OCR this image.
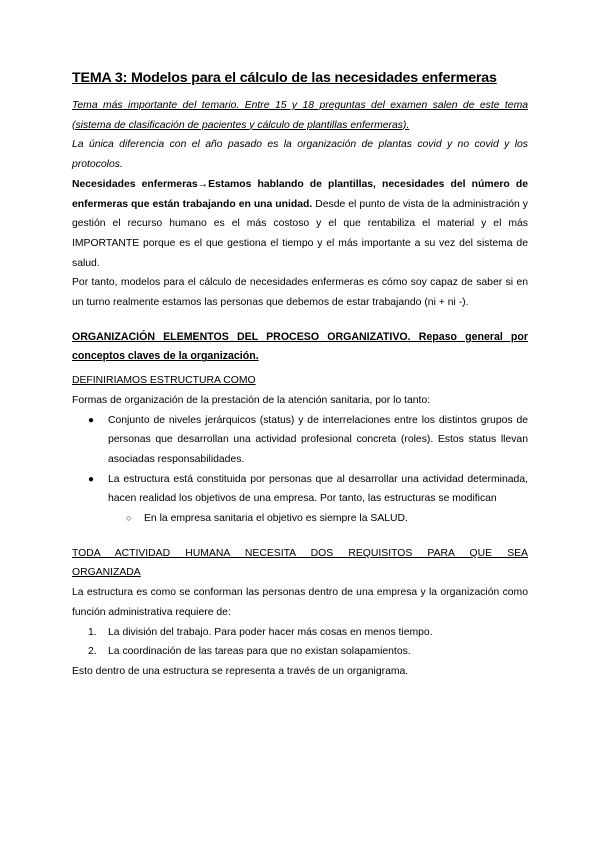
TEMA 3: Modelos para el cálculo de las necesidades enfermeras

Tema más importante del temario. Entre 15 y 18 preguntas del examen salen de este tema (sistema de clasificación de pacientes y cálculo de plantillas enfermeras).

La única diferencia con el año pasado es la organización de plantas covid y no covid y los protocolos.

Necesidades enfermeras→Estamos hablando de plantillas, necesidades del número de enfermeras que están trabajando en una unidad. Desde el punto de vista de la administración y gestión el recurso humano es el más costoso y el que rentabiliza el material y el más IMPORTANTE porque es el que gestiona el tiempo y el más importante a su vez del sistema de salud.

Por tanto, modelos para el cálculo de necesidades enfermeras es cómo soy capaz de saber si en un turno realmente estamos las personas que debemos de estar trabajando (ni + ni -).

ORGANIZACIÓN ELEMENTOS DEL PROCESO ORGANIZATIVO. Repaso general por conceptos claves de la organización.

DEFINIRIAMOS ESTRUCTURA COMO

Formas de organización de la prestación de la atención sanitaria, por lo tanto:

● Conjunto de niveles jerárquicos (status) y de interrelaciones entre los distintos grupos de personas que desarrollan una actividad profesional concreta (roles). Estos status llevan asociadas responsabilidades.
● La estructura está constituida por personas que al desarrollar una actividad determinada, hacen realidad los objetivos de una empresa. Por tanto, las estructuras se modifican
○ En la empresa sanitaria el objetivo es siempre la SALUD.

TODA ACTIVIDAD HUMANA NECESITA DOS REQUISITOS PARA QUE SEA

ORGANIZADA

La estructura es como se conforman las personas dentro de una empresa y la organización como función administrativa requiere de:

1. La división del trabajo. Para poder hacer más cosas en menos tiempo.
2. La coordinación de las tareas para que no existan solapamientos.

Esto dentro de una estructura se representa a través de un organigrama.
